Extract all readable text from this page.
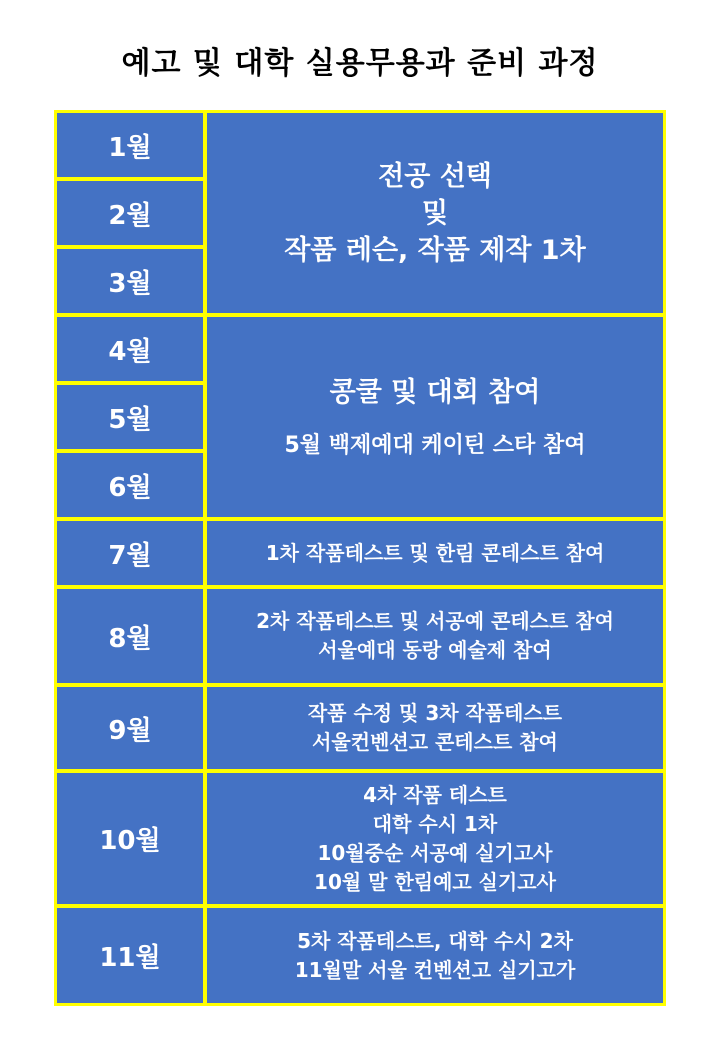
예고 및 대학 실용무용과 준비 과정
1월
2월
3월
4월
5월
6월
7월
8월
9월
10월
11월
전공 선택
및
작품 레슨, 작품 제작 1차
콩쿨 및 대회 참여
5월 백제예대 케이틴 스타 참여
1차 작품테스트 및 한림 콘테스트 참여
2차 작품테스트 및 서공예 콘테스트 참여
서울예대 동랑 예술제 참여
작품 수정 및 3차 작품테스트
서울컨벤션고 콘테스트 참여
4차 작품 테스트
대학 수시 1차
10월중순 서공예 실기고사
10월 말 한림예고 실기고사
5차 작품테스트, 대학 수시 2차
11월말 서울 컨벤션고 실기고가
